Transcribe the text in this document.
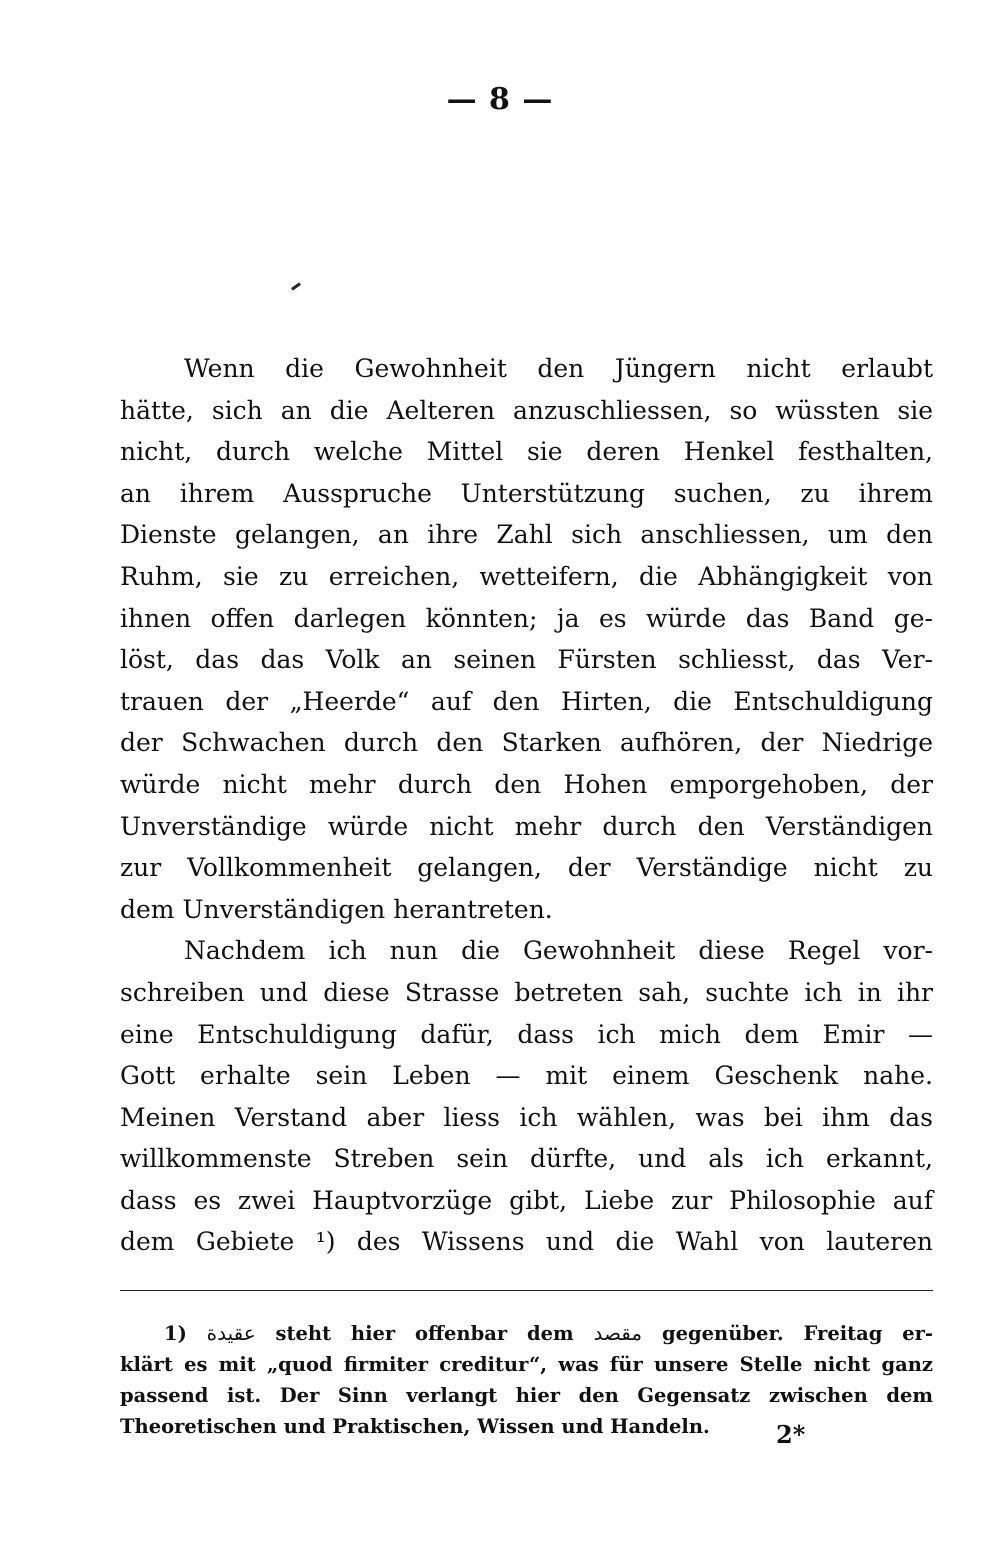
— 8 —
Wenn die Gewohnheit den Jüngern nicht erlaubt
hätte, sich an die Aelteren anzuschliessen, so wüssten sie
nicht, durch welche Mittel sie deren Henkel festhalten,
an ihrem Ausspruche Unterstützung suchen, zu ihrem
Dienste gelangen, an ihre Zahl sich anschliessen, um den
Ruhm, sie zu erreichen, wetteifern, die Abhängigkeit von
ihnen offen darlegen könnten; ja es würde das Band ge-
löst, das das Volk an seinen Fürsten schliesst, das Ver-
trauen der „Heerde“ auf den Hirten, die Entschuldigung
der Schwachen durch den Starken aufhören, der Niedrige
würde nicht mehr durch den Hohen emporgehoben, der
Unverständige würde nicht mehr durch den Verständigen
zur Vollkommenheit gelangen, der Verständige nicht zu
dem Unverständigen herantreten.
Nachdem ich nun die Gewohnheit diese Regel vor-
schreiben und diese Strasse betreten sah, suchte ich in ihr
eine Entschuldigung dafür, dass ich mich dem Emir —
Gott erhalte sein Leben — mit einem Geschenk nahe.
Meinen Verstand aber liess ich wählen, was bei ihm das
willkommenste Streben sein dürfte, und als ich erkannt,
dass es zwei Hauptvorzüge gibt, Liebe zur Philosophie auf
dem Gebiete ¹) des Wissens und die Wahl von lauteren
1) عقيدة steht hier offenbar dem مقصد gegenüber. Freitag er-
klärt es mit „quod firmiter creditur“, was für unsere Stelle nicht ganz
passend ist. Der Sinn verlangt hier den Gegensatz zwischen dem
Theoretischen und Praktischen, Wissen und Handeln.	2*
